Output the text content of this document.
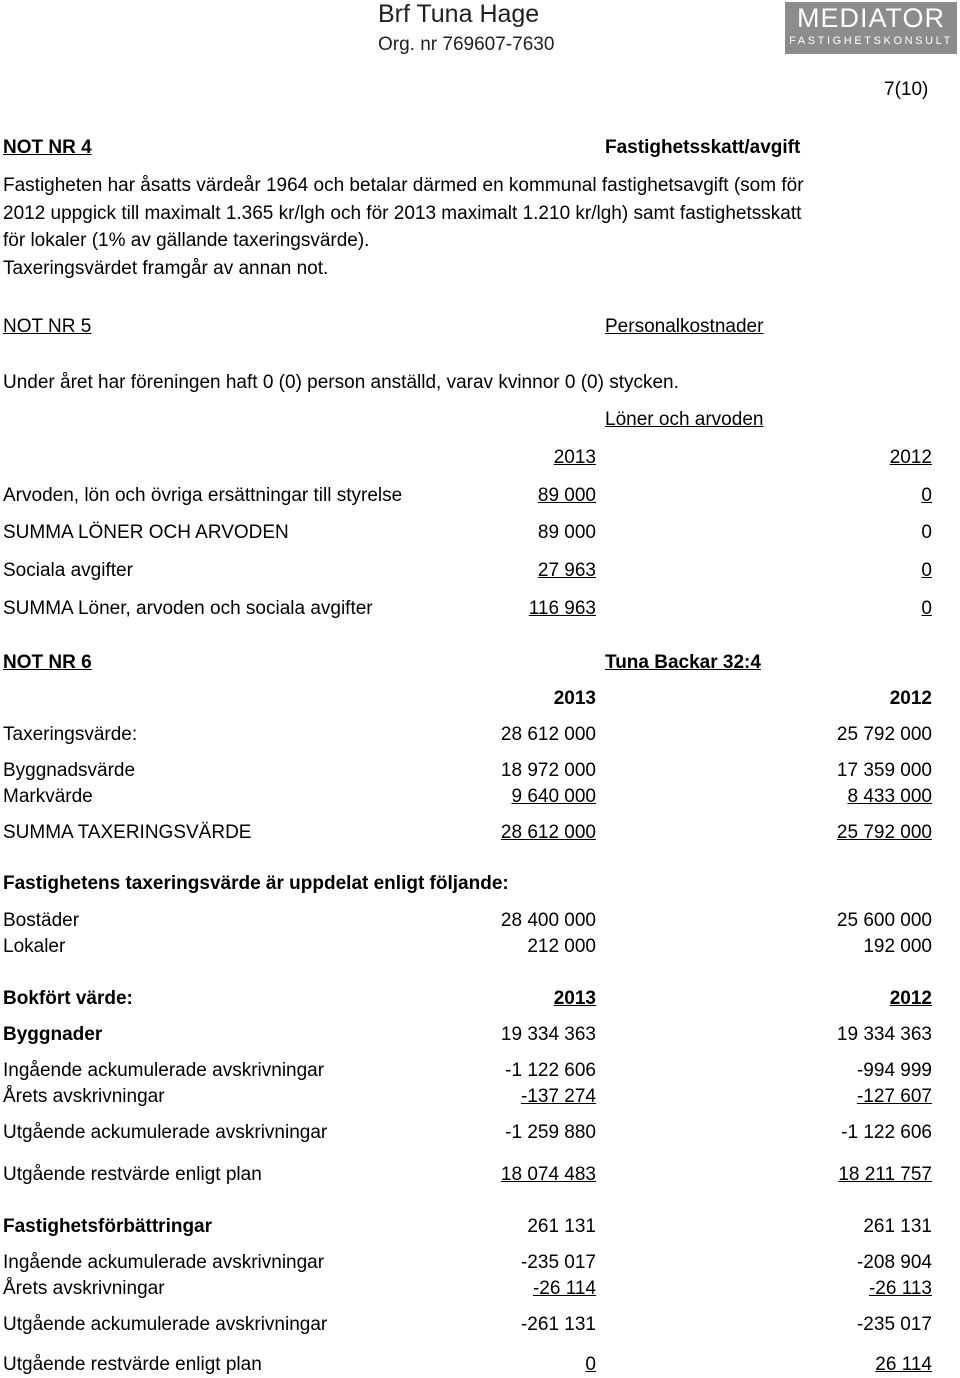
Brf Tuna Hage
Org. nr 769607-7630
MEDIATOR
FASTIGHETSKONSULT
7(10)
NOT NR 4	Fastighetsskatt/avgift
Fastigheten har åsatts värdeår 1964 och betalar därmed en kommunal fastighetsavgift (som för
2012 uppgick till maximalt 1.365 kr/lgh och för 2013 maximalt 1.210 kr/lgh) samt fastighetsskatt
för lokaler (1% av gällande taxeringsvärde).
Taxeringsvärdet framgår av annan not.
NOT NR 5	Personalkostnader
Under året har föreningen haft 0 (0) person anställd, varav kvinnor 0 (0) stycken.
Löner och arvoden
2013	2012
Arvoden, lön och övriga ersättningar till styrelse	89 000	0
SUMMA LÖNER OCH ARVODEN	89 000	0
Sociala avgifter	27 963	0
SUMMA Löner, arvoden och sociala avgifter	116 963	0
NOT NR 6	Tuna Backar 32:4
2013	2012
Taxeringsvärde:	28 612 000	25 792 000
Byggnadsvärde	18 972 000	17 359 000
Markvärde	9 640 000	8 433 000
SUMMA TAXERINGSVÄRDE	28 612 000	25 792 000
Fastighetens taxeringsvärde är uppdelat enligt följande:
Bostäder	28 400 000	25 600 000
Lokaler	212 000	192 000
Bokfört värde:	2013	2012
Byggnader	19 334 363	19 334 363
Ingående ackumulerade avskrivningar	-1 122 606	-994 999
Årets avskrivningar	-137 274	-127 607
Utgående ackumulerade avskrivningar	-1 259 880	-1 122 606
Utgående restvärde enligt plan	18 074 483	18 211 757
Fastighetsförbättringar	261 131	261 131
Ingående ackumulerade avskrivningar	-235 017	-208 904
Årets avskrivningar	-26 114	-26 113
Utgående ackumulerade avskrivningar	-261 131	-235 017
Utgående restvärde enligt plan	0	26 114
